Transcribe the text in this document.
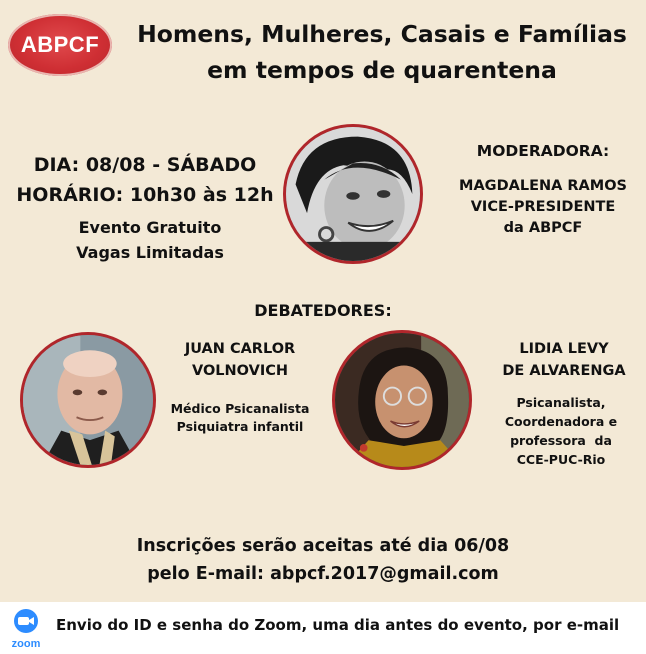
ABPCF	Homens, Mulheres, Casais e Famílias
em tempos de quarentena
DIA: 08/08 - SÁBADO
HORÁRIO: 10h30 às 12h
Evento Gratuito
Vagas Limitadas
MODERADORA:
MAGDALENA RAMOS
VICE-PRESIDENTE
da ABPCF
DEBATEDORES:
JUAN CARLOR
VOLNOVICH
Médico Psicanalista
Psiquiatra infantil
LIDIA LEVY
DE ALVARENGA
Psicanalista,
Coordenadora e
professora  da
CCE-PUC-Rio
Inscrições serão aceitas até dia 06/08
pelo E-mail: abpcf.2017@gmail.com
zoom
Envio do ID e senha do Zoom, uma dia antes do evento, por e-mail
